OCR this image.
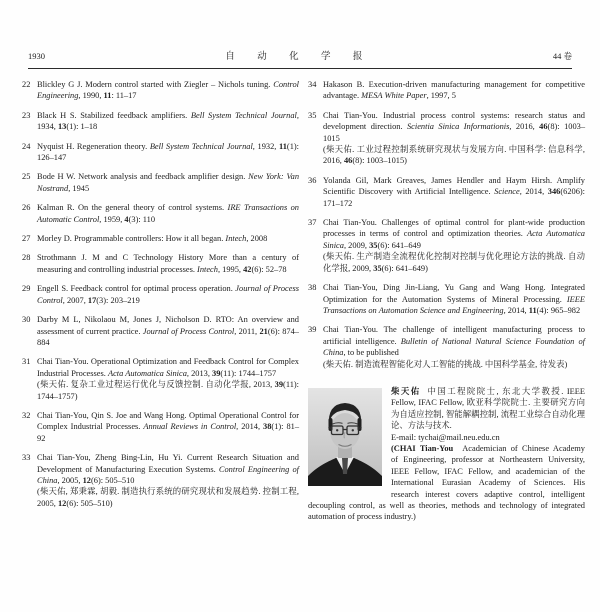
1930	自 动 化 学 报	44 卷
22 Blickley G J. Modern control started with Ziegler – Nichols tuning. Control Engineering, 1990, 11: 11–17
23 Black H S. Stabilized feedback amplifiers. Bell System Technical Journal, 1934, 13(1): 1–18
24 Nyquist H. Regeneration theory. Bell System Technical Journal, 1932, 11(1): 126–147
25 Bode H W. Network analysis and feedback amplifier design. New York: Van Nostrand, 1945
26 Kalman R. On the general theory of control systems. IRE Transactions on Automatic Control, 1959, 4(3): 110
27 Morley D. Programmable controllers: How it all began. Intech, 2008
28 Strothmann J. M and C Technology History More than a century of measuring and controlling industrial processes. Intech, 1995, 42(6): 52–78
29 Engell S. Feedback control for optimal process operation. Journal of Process Control, 2007, 17(3): 203–219
30 Darby M L, Nikolaou M, Jones J, Nicholson D. RTO: An overview and assessment of current practice. Journal of Process Control, 2011, 21(6): 874–884
31 Chai Tian-You. Operational Optimization and Feedback Control for Complex Industrial Processes. Acta Automatica Sinica, 2013, 39(11): 1744–1757
(柴天佑. 复杂工业过程运行优化与反馈控制. 自动化学报, 2013, 39(11): 1744–1757)
32 Chai Tian-You, Qin S. Joe and Wang Hong. Optimal Operational Control for Complex Industrial Processes. Annual Reviews in Control, 2014, 38(1): 81–92
33 Chai Tian-You, Zheng Bing-Lin, Hu Yi. Current Research Situation and Development of Manufacturing Execution Systems. Control Engineering of China, 2005, 12(6): 505–510
(柴天佑, 郑秉霖, 胡毅. 制造执行系统的研究现状和发展趋势. 控制工程, 2005, 12(6): 505–510)
34 Hakason B. Execution-driven manufacturing management for competitive advantage. MESA White Paper, 1997, 5
35 Chai Tian-You. Industrial process control systems: research status and development direction. Scientia Sinica Informationis, 2016, 46(8): 1003–1015
(柴天佑. 工业过程控制系统研究现状与发展方向. 中国科学: 信息科学, 2016, 46(8): 1003–1015)
36 Yolanda Gil, Mark Greaves, James Hendler and Haym Hirsh. Amplify Scientific Discovery with Artificial Intelligence. Science, 2014, 346(6206): 171–172
37 Chai Tian-You. Challenges of optimal control for plant-wide production processes in terms of control and optimization theories. Acta Automatica Sinica, 2009, 35(6): 641–649
(柴天佑. 生产制造全流程优化控制对控制与优化理论方法的挑战. 自动化学报, 2009, 35(6): 641–649)
38 Chai Tian-You, Ding Jin-Liang, Yu Gang and Wang Hong. Integrated Optimization for the Automation Systems of Mineral Processing. IEEE Transactions on Automation Science and Engineering, 2014, 11(4): 965–982
39 Chai Tian-You. The challenge of intelligent manufacturing process to artificial intelligence. Bulletin of National Natural Science Foundation of China, to be published
(柴天佑. 制造流程智能化对人工智能的挑战. 中国科学基金, 待发表)

柴天佑 中国工程院院士, 东北大学教授. IEEE Fellow, IFAC Fellow, 欧亚科学院院士. 主要研究方向为自适应控制, 智能解耦控制, 流程工业综合自动化理论、方法与技术.

E-mail: tychai@mail.neu.edu.cn

(CHAI Tian-You Academician of Chinese Academy of Engineering, professor at Northeastern University, IEEE Fellow, IFAC Fellow, and academician of the International Eurasian Academy of Sciences. His research interest covers adaptive control, intelligent decoupling control, as well as theories, methods and technology of integrated automation of process industry.)
